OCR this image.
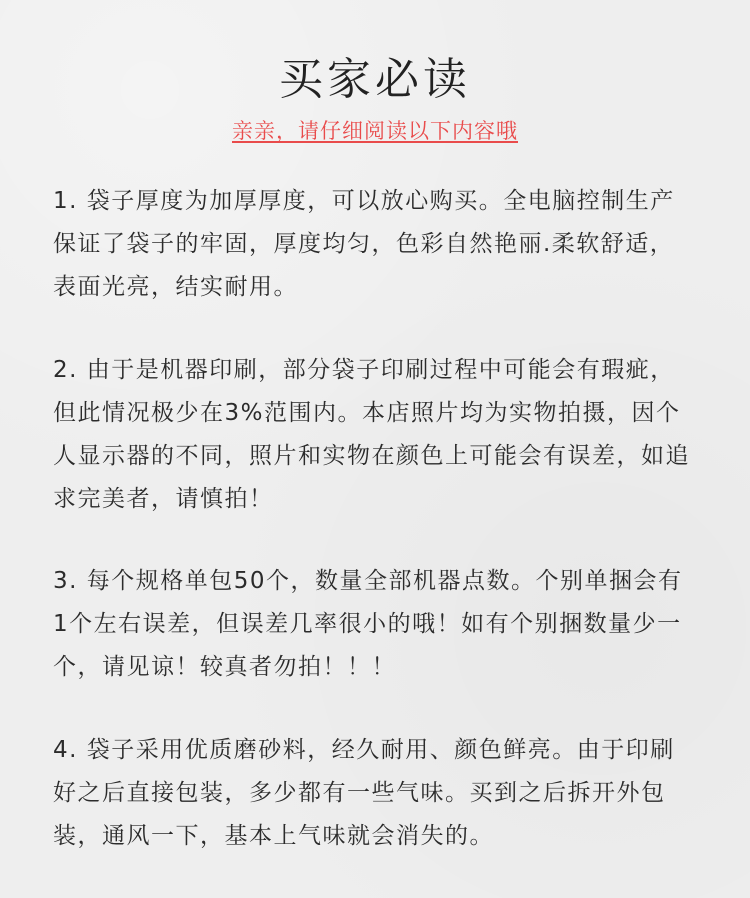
买家必读
亲亲，请仔细阅读以下内容哦

1. 袋子厚度为加厚厚度，可以放心购买。全电脑控制生产保证了袋子的牢固，厚度均匀，色彩自然艳丽.柔软舒适，表面光亮，结实耐用。

2. 由于是机器印刷，部分袋子印刷过程中可能会有瑕疵，但此情况极少在3%范围内。本店照片均为实物拍摄，因个人显示器的不同，照片和实物在颜色上可能会有误差，如追求完美者，请慎拍！

3. 每个规格单包50个，数量全部机器点数。个别单捆会有1个左右误差，但误差几率很小的哦！如有个别捆数量少一个，请见谅！较真者勿拍！！！

4. 袋子采用优质磨砂料，经久耐用、颜色鲜亮。由于印刷好之后直接包装，多少都有一些气味。买到之后拆开外包装，通风一下，基本上气味就会消失的。
